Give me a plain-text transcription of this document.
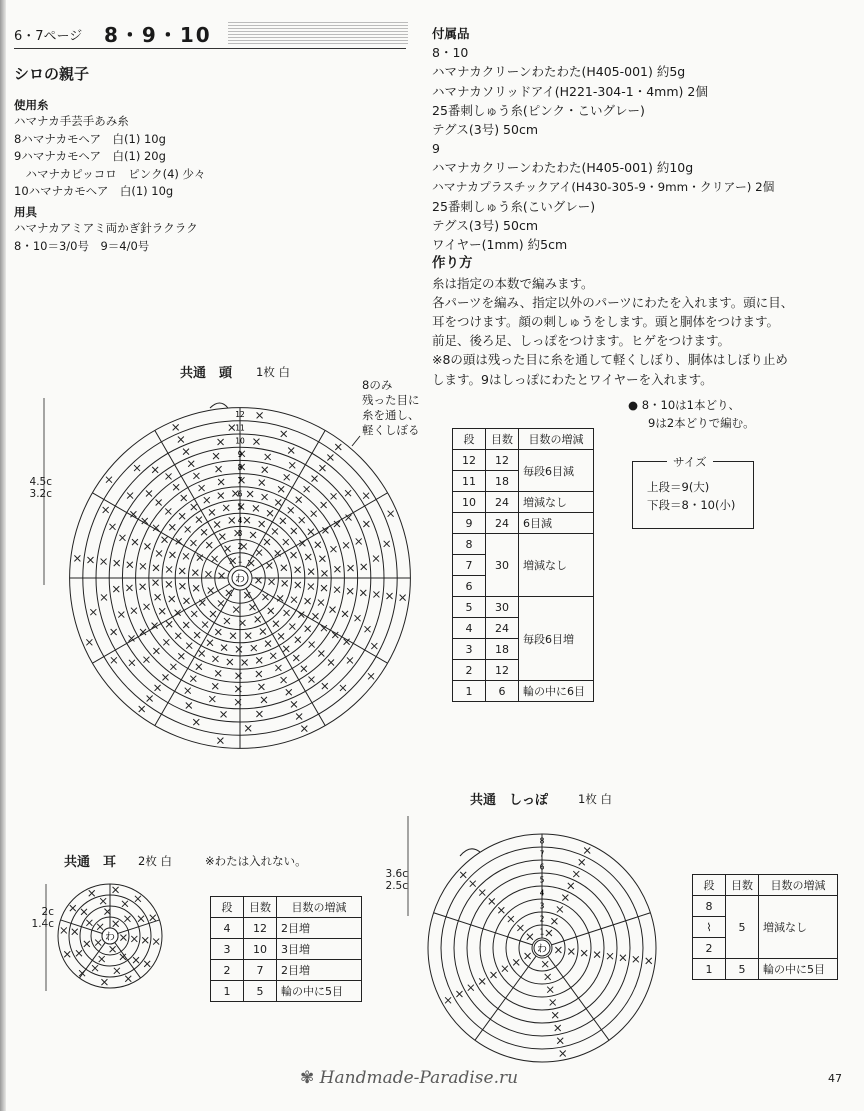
6・7ページ 8・9・10
シロの親子
使用糸
ハマナカ手芸手あみ糸
8ハマナカモヘア　白(1) 10g
9ハマナカモヘア　白(1) 20g
　ハマナカピッコロ　ピンク(4) 少々
10ハマナカモヘア　白(1) 10g
用具
ハマナカアミアミ両かぎ針ラクラク
8・10＝3/0号　9＝4/0号
付属品
8・10
ハマナカクリーンわたわた(H405-001) 約5g
ハマナカソリッドアイ(H221-304-1・4mm) 2個
25番刺しゅう糸(ピンク・こいグレー)
テグス(3号) 50cm
9
ハマナカクリーンわたわた(H405-001) 約10g
ハマナカプラスチックアイ(H430-305-9・9mm・クリアー) 2個
25番刺しゅう糸(こいグレー)
テグス(3号) 50cm
ワイヤー(1mm) 約5cm
作り方
糸は指定の本数で編みます。
各パーツを編み、指定以外のパーツにわたを入れます。頭に目、
耳をつけます。顔の刺しゅうをします。頭と胴体をつけます。
前足、後ろ足、しっぽをつけます。ヒゲをつけます。
※8の頭は残った目に糸を通して軽くしぼり、胴体はしぼり止め
します。9はしっぽにわたとワイヤーを入れます。
共通　頭 1枚 白
8のみ
残った目に
糸を通し、
軽くしぼる
4.5c
3.2c
わ
12
11
10
9
8
7
6
5
4
3
2
1
段	目数	目数の増減
12	12	毎段6目減
11	18	
10	24	増減なし
9	24	6目減
8	30	増減なし
7		
6		
5	30	毎段6目増
4	24	
3	18	
2	12	
1	6	輪の中に6目
● 8・10は1本どり、
9は2本どりで編む。
サイズ
上段＝9(大)
下段＝8・10(小)
共通　耳 2枚 白	※わたは入れない。
2c
1.4c
わ
段	目数	目数の増減
4	12	2目増
3	10	3目増
2	7	2目増
1	5	輪の中に5目
共通　しっぽ	1枚 白
3.6c
2.5c
わ
8
7
6
5
4
3
2
1
段	目数	目数の増減
8	5	増減なし
⌇		
2		
1	5	輪の中に5目
✾ Handmade-Paradise.ru	47
